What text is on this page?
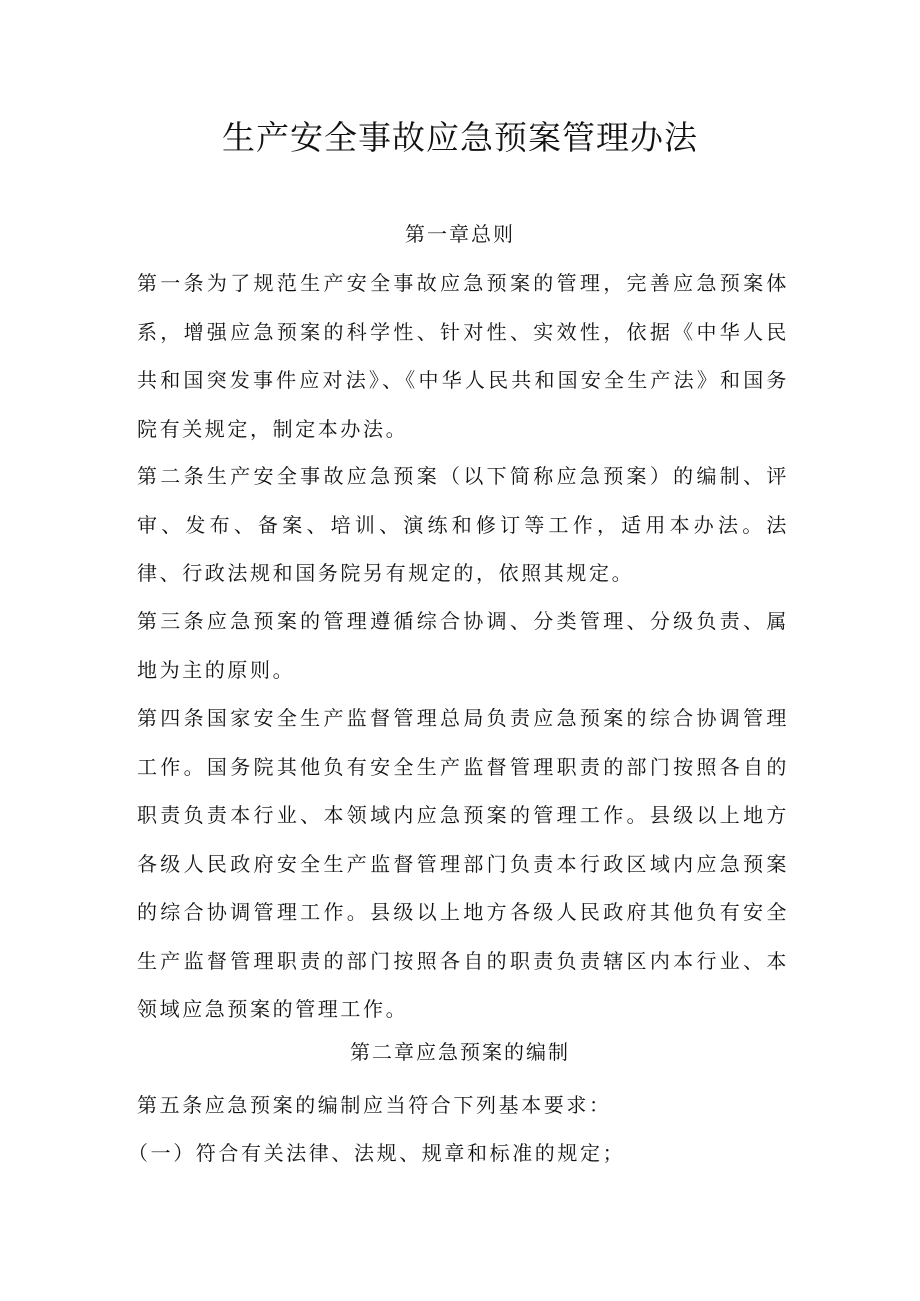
生产安全事故应急预案管理办法
第一章总则

第一条为了规范生产安全事故应急预案的管理，完善应急预案体系，增强应急预案的科学性、针对性、实效性，依据《中华人民共和国突发事件应对法》、《中华人民共和国安全生产法》和国务院有关规定，制定本办法。

第二条生产安全事故应急预案（以下简称应急预案）的编制、评审、发布、备案、培训、演练和修订等工作，适用本办法。法律、行政法规和国务院另有规定的，依照其规定。

第三条应急预案的管理遵循综合协调、分类管理、分级负责、属地为主的原则。

第四条国家安全生产监督管理总局负责应急预案的综合协调管理工作。国务院其他负有安全生产监督管理职责的部门按照各自的职责负责本行业、本领域内应急预案的管理工作。县级以上地方各级人民政府安全生产监督管理部门负责本行政区域内应急预案的综合协调管理工作。县级以上地方各级人民政府其他负有安全生产监督管理职责的部门按照各自的职责负责辖区内本行业、本领域应急预案的管理工作。

第二章应急预案的编制

第五条应急预案的编制应当符合下列基本要求：

（一）符合有关法律、法规、规章和标准的规定；
